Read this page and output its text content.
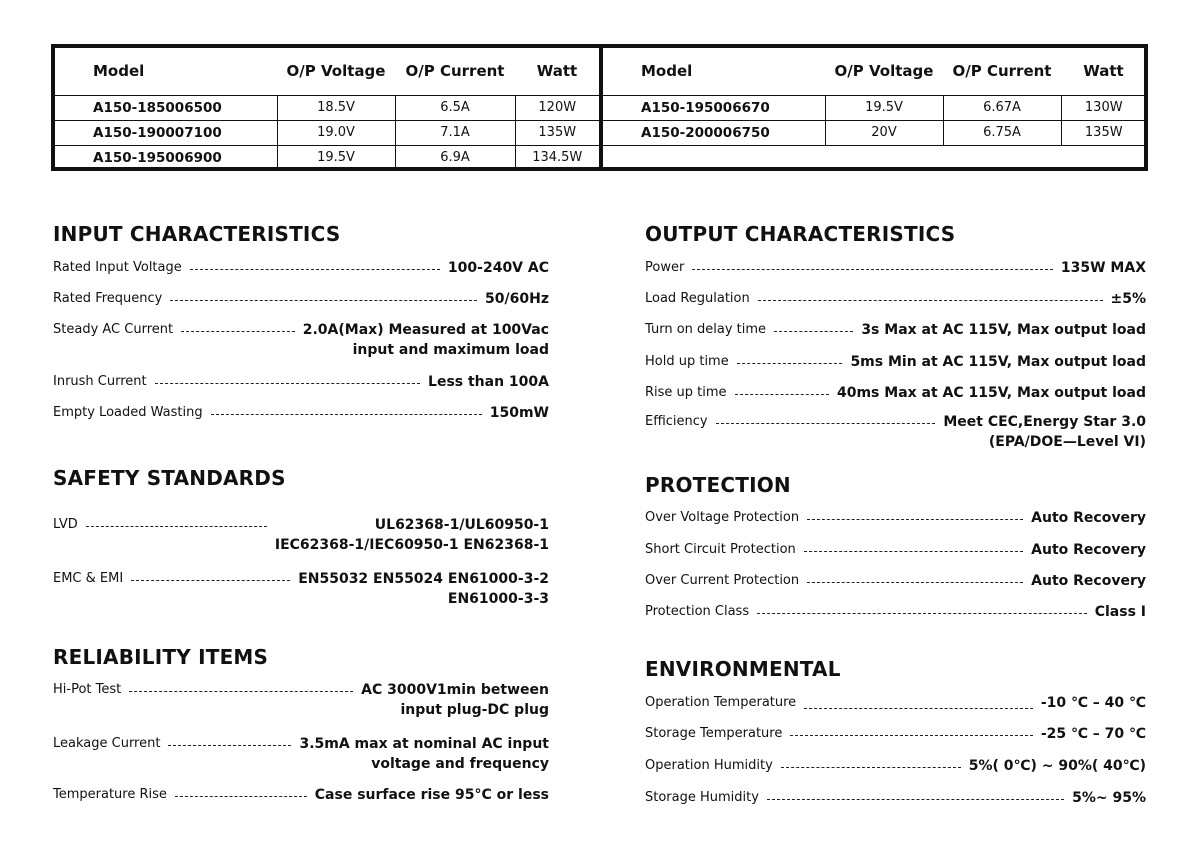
Model	O/P Voltage	O/P Current	Watt
A150-185006500	18.5V	6.5A	120W
A150-190007100	19.0V	7.1A	135W
A150-195006900	19.5V	6.9A	134.5W
Model	O/P Voltage	O/P Current	Watt
A150-195006670	19.5V	6.67A	130W
A150-200006750	20V	6.75A	135W

INPUT CHARACTERISTICS
Rated Input Voltage	100-240V AC
Rated Frequency	50/60Hz
Steady AC Current	2.0A(Max) Measured at 100Vac
input and maximum load
Inrush Current	Less than 100A
Empty Loaded Wasting	150mW
SAFETY STANDARDS
LVD	UL62368-1/UL60950-1
IEC62368-1/IEC60950-1 EN62368-1
EMC & EMI	EN55032 EN55024 EN61000-3-2
EN61000-3-3
RELIABILITY ITEMS
Hi-Pot Test	AC 3000V1min between
input plug-DC plug
Leakage Current	3.5mA max at nominal AC input
voltage and frequency
Temperature Rise	Case surface rise 95°C or less
OUTPUT CHARACTERISTICS
Power	135W MAX
Load Regulation	±5%
Turn on delay time	3s Max at AC 115V, Max output load
Hold up time	5ms Min at AC 115V, Max output load
Rise up time	40ms Max at AC 115V, Max output load
Efficiency	Meet CEC,Energy Star 3.0
(EPA/DOE—Level VI)
PROTECTION
Over Voltage Protection	Auto Recovery
Short Circuit Protection	Auto Recovery
Over Current Protection	Auto Recovery
Protection Class	Class I
ENVIRONMENTAL
Operation Temperature	-10 ℃ – 40 ℃
Storage Temperature	-25 ℃ – 70 ℃
Operation Humidity	5%( 0℃) ~ 90%( 40℃)
Storage Humidity	5%~ 95%
